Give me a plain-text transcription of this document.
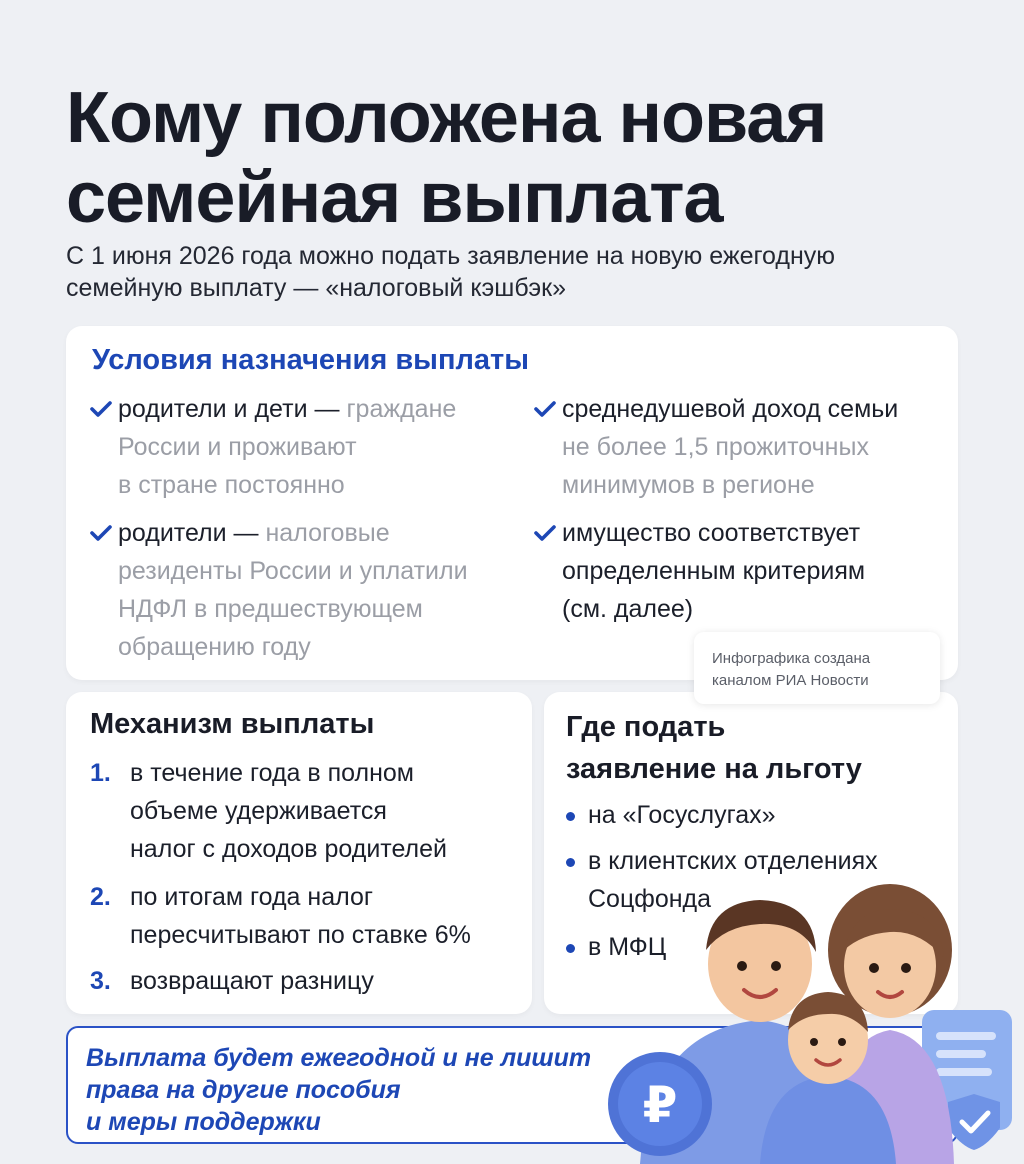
Кому положена новая
семейная выплата

С 1 июня 2026 года можно подать заявление на новую ежегодную
семейную выплату — «налоговый кэшбэк»

Условия назначения выплаты
родители и дети — граждане
России и проживают
в стране постоянно
среднедушевой доход семьи
не более 1,5 прожиточных
минимумов в регионе
родители — налоговые
резиденты России и уплатили
НДФЛ в предшествующем
обращению году
имущество соответствует
определенным критериям
(см. далее)
Механизм выплаты
1. в течение года в полном
объеме удерживается
налог с доходов родителей
2. по итогам года налог
пересчитывают по ставке 6%
3. возвращают разницу
Где подать
заявление на льготу
на «Госуслугах»
в клиентских отделениях
Соцфонда
в МФЦ
Инфографика создана
каналом РИА Новости
Выплата будет ежегодной и не лишит
права на другие пособия
и меры поддержки	₽
